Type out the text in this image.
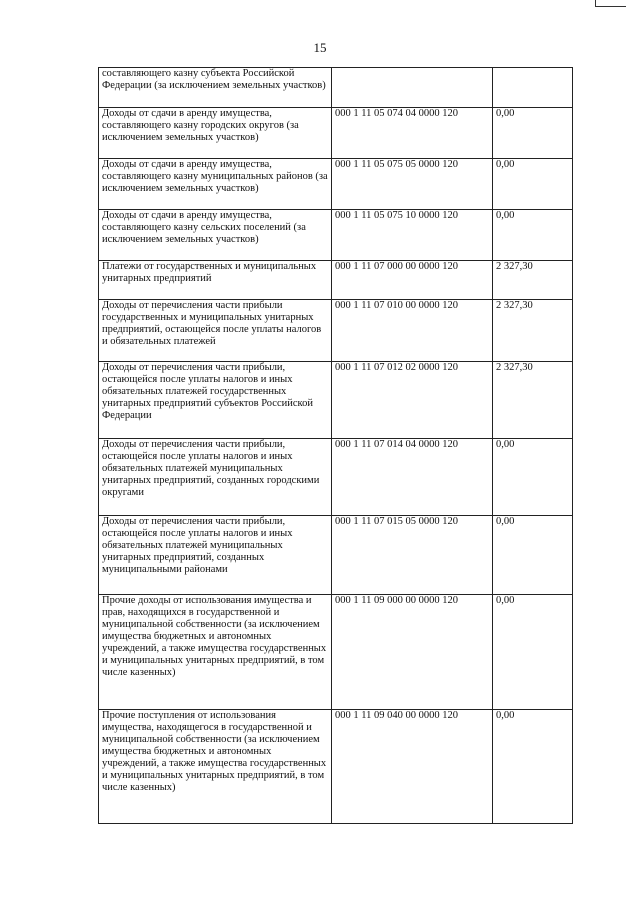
15
составляющего казну субъекта Российской Федерации (за исключением земельных участков)		
Доходы от сдачи в аренду имущества, составляющего казну городских округов (за исключением земельных участков)	000 1 11 05 074 04 0000 120	0,00
Доходы от сдачи в аренду имущества, составляющего казну муниципальных районов (за исключением земельных участков)	000 1 11 05 075 05 0000 120	0,00
Доходы от сдачи в аренду имущества, составляющего казну сельских поселений (за исключением земельных участков)	000 1 11 05 075 10 0000 120	0,00
Платежи от государственных и муниципальных унитарных предприятий	000 1 11 07 000 00 0000 120	2 327,30
Доходы от перечисления части прибыли государственных и муниципальных унитарных предприятий, остающейся после уплаты налогов и обязательных платежей	000 1 11 07 010 00 0000 120	2 327,30
Доходы от перечисления части прибыли, остающейся после уплаты налогов и иных обязательных платежей государственных унитарных предприятий субъектов Российской Федерации	000 1 11 07 012 02 0000 120	2 327,30
Доходы от перечисления части прибыли, остающейся после уплаты налогов и иных обязательных платежей муниципальных унитарных предприятий, созданных городскими округами	000 1 11 07 014 04 0000 120	0,00
Доходы от перечисления части прибыли, остающейся после уплаты налогов и иных обязательных платежей муниципальных унитарных предприятий, созданных муниципальными районами	000 1 11 07 015 05 0000 120	0,00
Прочие доходы от использования имущества и прав, находящихся в государственной и муниципальной собственности (за исключением имущества бюджетных и автономных учреждений, а также имущества государственных и муниципальных унитарных предприятий, в том числе казенных)	000 1 11 09 000 00 0000 120	0,00
Прочие поступления от использования имущества, находящегося в государственной и муниципальной собственности (за исключением имущества бюджетных и автономных учреждений, а также имущества государственных и муниципальных унитарных предприятий, в том числе казенных)	000 1 11 09 040 00 0000 120	0,00
